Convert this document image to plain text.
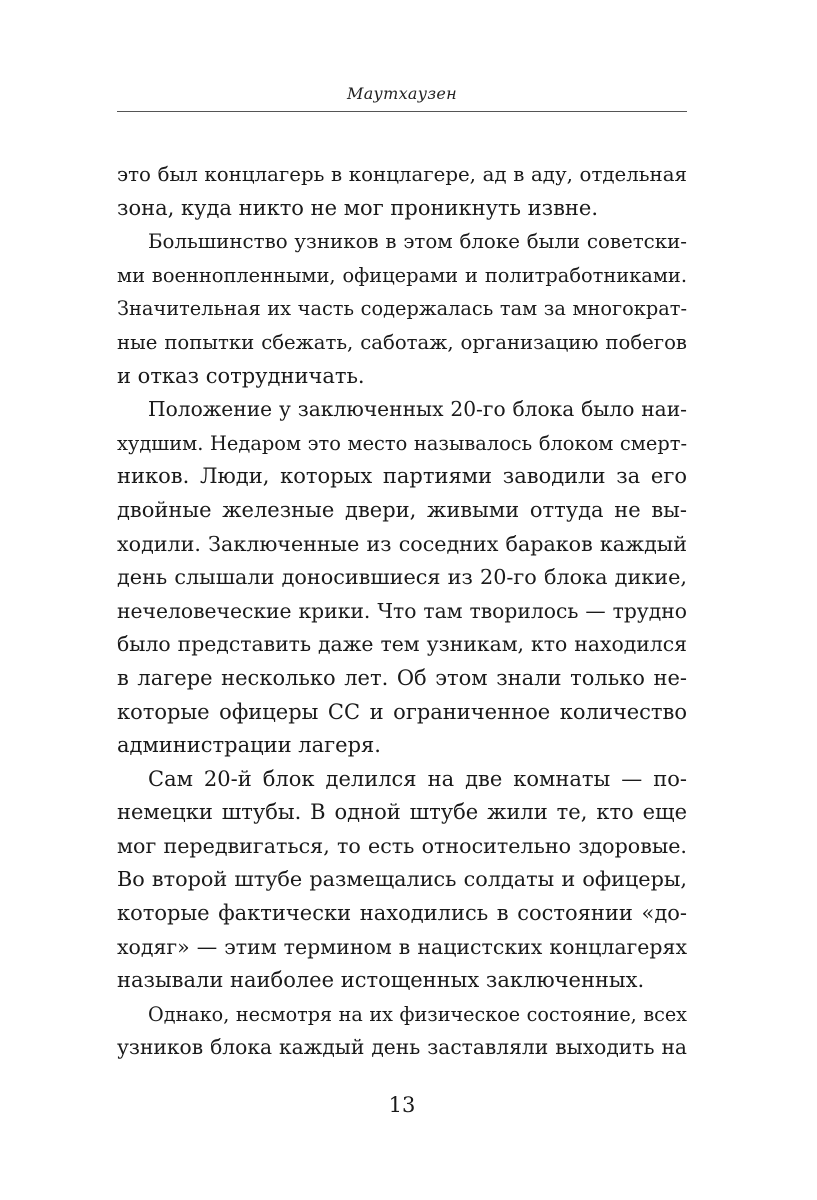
Маутхаузен
это был концлагерь в концлагере, ад в аду, отдельная
зона, куда никто не мог проникнуть извне.
Большинство узников в этом блоке были советски-
ми военнопленными, офицерами и политработниками.
Значительная их часть содержалась там за многократ-
ные попытки сбежать, саботаж, организацию побегов
и отказ сотрудничать.
Положение у заключенных 20-го блока было наи-
худшим. Недаром это место называлось блоком смерт-
ников. Люди, которых партиями заводили за его
двойные железные двери, живыми оттуда не вы-
ходили. Заключенные из соседних бараков каждый
день слышали доносившиеся из 20-го блока дикие,
нечеловеческие крики. Что там творилось — трудно
было представить даже тем узникам, кто находился
в лагере несколько лет. Об этом знали только не-
которые офицеры СС и ограниченное количество
администрации лагеря.
Сам 20-й блок делился на две комнаты — по-
немецки штубы. В одной штубе жили те, кто еще
мог передвигаться, то есть относительно здоровые.
Во второй штубе размещались солдаты и офицеры,
которые фактически находились в состоянии «до-
ходяг» — этим термином в нацистских концлагерях
называли наиболее истощенных заключенных.
Однако, несмотря на их физическое состояние, всех
узников блока каждый день заставляли выходить на
13
